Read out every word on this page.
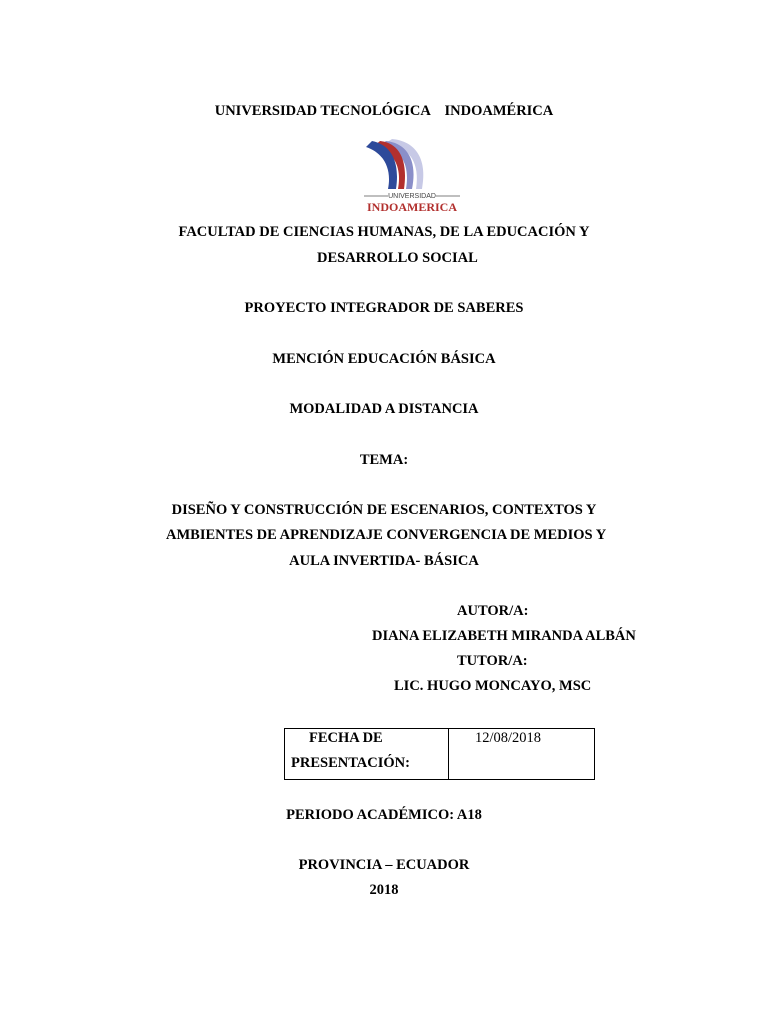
UNIVERSIDAD TECNOLÓGICA    INDOAMÉRICA
UNIVERSIDAD
INDOAMERICA
FACULTAD DE CIENCIAS HUMANAS, DE LA EDUCACIÓN Y
DESARROLLO SOCIAL
PROYECTO INTEGRADOR DE SABERES
MENCIÓN EDUCACIÓN BÁSICA
MODALIDAD A DISTANCIA
TEMA:
DISEÑO Y CONSTRUCCIÓN DE ESCENARIOS, CONTEXTOS Y
AMBIENTES DE APRENDIZAJE CONVERGENCIA DE MEDIOS Y
AULA INVERTIDA- BÁSICA
AUTOR/A:
DIANA ELIZABETH MIRANDA ALBÁN
TUTOR/A:
LIC. HUGO MONCAYO, MSC
FECHA DE
PRESENTACIÓN:
12/08/2018
PERIODO ACADÉMICO: A18
PROVINCIA – ECUADOR
2018
